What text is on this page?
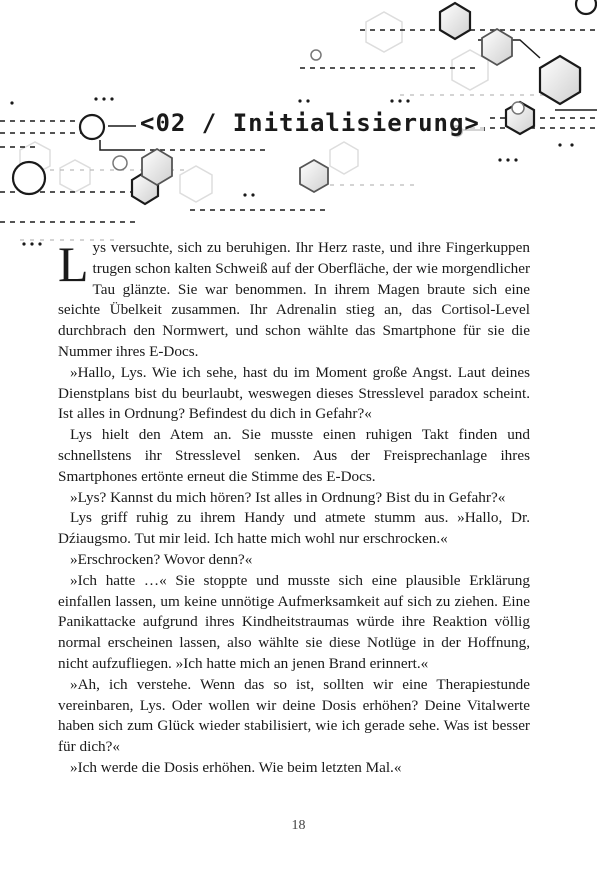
<02 / Initialisierung>

Lys versuchte, sich zu beruhigen. Ihr Herz raste, und ihre Fingerkuppen trugen schon kalten Schweiß auf der Oberfläche, der wie morgendlicher Tau glänzte. Sie war benommen. In ihrem Magen braute sich eine seichte Übelkeit zusammen. Ihr Adrenalin stieg an, das Cortisol-Level durchbrach den Normwert, und schon wählte das Smartphone für sie die Nummer ihres E-Docs.

»Hallo, Lys. Wie ich sehe, hast du im Moment große Angst. Laut deines Dienstplans bist du beurlaubt, weswegen dieses Stresslevel paradox scheint. Ist alles in Ordnung? Befindest du dich in Gefahr?«

Lys hielt den Atem an. Sie musste einen ruhigen Takt finden und schnellstens ihr Stresslevel senken. Aus der Freisprechanlage ihres Smartphones ertönte erneut die Stimme des E-Docs.

»Lys? Kannst du mich hören? Ist alles in Ordnung? Bist du in Gefahr?«

Lys griff ruhig zu ihrem Handy und atmete stumm aus. »Hallo, Dr. Dźiaugsmo. Tut mir leid. Ich hatte mich wohl nur erschrocken.«

»Erschrocken? Wovor denn?«

»Ich hatte …« Sie stoppte und musste sich eine plausible Erklärung einfallen lassen, um keine unnötige Aufmerksamkeit auf sich zu ziehen. Eine Panikattacke aufgrund ihres Kindheitstraumas würde ihre Reaktion völlig normal erscheinen lassen, also wählte sie diese Notlüge in der Hoffnung, nicht aufzufliegen. »Ich hatte mich an jenen Brand erinnert.«

»Ah, ich verstehe. Wenn das so ist, sollten wir eine Therapiestunde vereinbaren, Lys. Oder wollen wir deine Dosis erhöhen? Deine Vitalwerte haben sich zum Glück wieder stabilisiert, wie ich gerade sehe. Was ist besser für dich?«

»Ich werde die Dosis erhöhen. Wie beim letzten Mal.«

18
